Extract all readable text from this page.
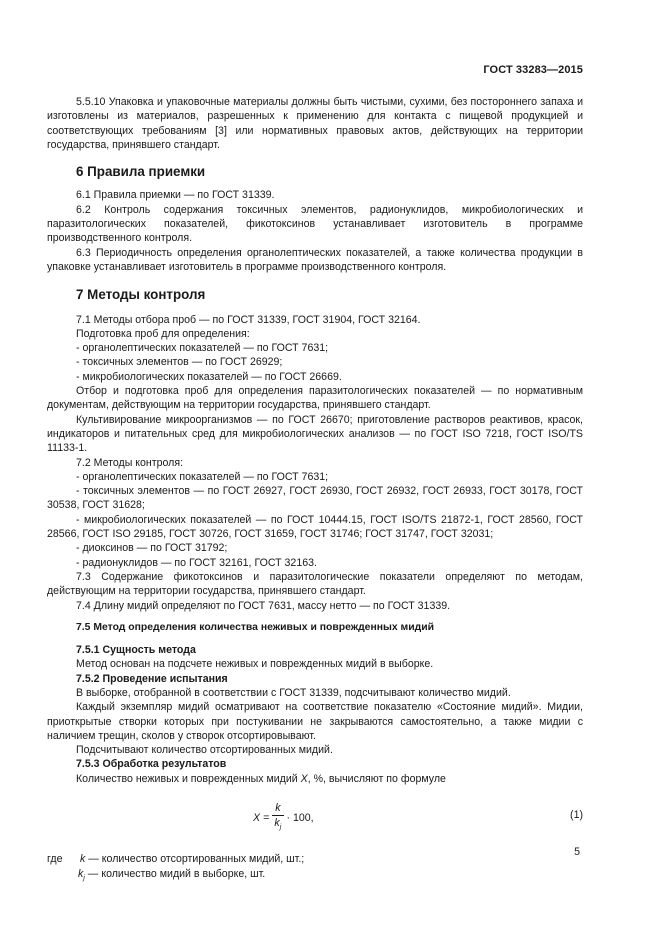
ГОСТ 33283—2015

5.5.10 Упаковка и упаковочные материалы должны быть чистыми, сухими, без постороннего запаха и изготовлены из материалов, разрешенных к применению для контакта с пищевой продукцией и соответствующих требованиям [3] или нормативных правовых актов, действующих на территории государства, принявшего стандарт.

6 Правила приемки

6.1 Правила приемки — по ГОСТ 31339.

6.2 Контроль содержания токсичных элементов, радионуклидов, микробиологических и паразитологических показателей, фикотоксинов устанавливает изготовитель в программе производственного контроля.

6.3 Периодичность определения органолептических показателей, а также количества продукции в упаковке устанавливает изготовитель в программе производственного контроля.

7 Методы контроля

7.1 Методы отбора проб — по ГОСТ 31339, ГОСТ 31904, ГОСТ 32164.

Подготовка проб для определения:

- органолептических показателей — по ГОСТ 7631;

- токсичных элементов — по ГОСТ 26929;

- микробиологических показателей — по ГОСТ 26669.

Отбор и подготовка проб для определения паразитологических показателей — по нормативным документам, действующим на территории государства, принявшего стандарт.

Культивирование микроорганизмов — по ГОСТ 26670; приготовление растворов реактивов, красок, индикаторов и питательных сред для микробиологических анализов — по ГОСТ ISO 7218, ГОСТ ISO/TS 11133-1.

7.2 Методы контроля:

- органолептических показателей — по ГОСТ 7631;

- токсичных элементов — по ГОСТ 26927, ГОСТ 26930, ГОСТ 26932, ГОСТ 26933, ГОСТ 30178, ГОСТ 30538, ГОСТ 31628;

- микробиологических показателей — по ГОСТ 10444.15, ГОСТ ISO/TS 21872-1, ГОСТ 28560, ГОСТ 28566, ГОСТ ISO 29185, ГОСТ 30726, ГОСТ 31659, ГОСТ 31746; ГОСТ 31747, ГОСТ 32031;

- диоксинов — по ГОСТ 31792;

- радионуклидов — по ГОСТ 32161, ГОСТ 32163.

7.3 Содержание фикотоксинов и паразитологические показатели определяют по методам, действующим на территории государства, принявшего стандарт.

7.4 Длину мидий определяют по ГОСТ 7631, массу нетто — по ГОСТ 31339.

7.5 Метод определения количества неживых и поврежденных мидий

7.5.1 Сущность метода

Метод основан на подсчете неживых и поврежденных мидий в выборке.

7.5.2 Проведение испытания

В выборке, отобранной в соответствии с ГОСТ 31339, подсчитывают количество мидий.

Каждый экземпляр мидий осматривают на соответствие показателю «Состояние мидий». Мидии, приоткрытые створки которых при постукивании не закрываются самостоятельно, а также мидии с наличием трещин, сколов у створок отсортировывают.

Подсчитывают количество отсортированных мидий.

7.5.3 Обработка результатов

Количество неживых и поврежденных мидий X, %, вычисляют по формуле

$X = \frac{k}{k_j} \cdot 100$,	(1)
где	k — количество отсортированных мидий, шт.;
$k_j$ — количество мидий в выборке, шт.
5
